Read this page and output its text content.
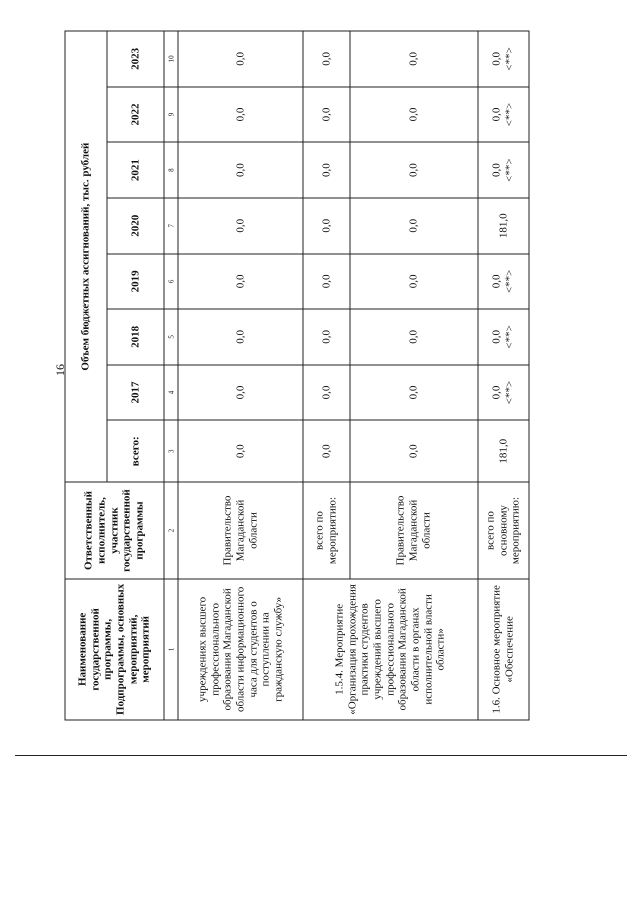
16
Наименование государственной программы, Подпрограммы, основных мероприятий, мероприятий	Ответственный исполнитель, участник государственной программы	Объем бюджетных ассигнований, тыс. рублей							
		всего:	2017	2018	2019	2020	2021	2022	2023
1	2	3	4	5	6	7	8	9	10
учреждениях высшего профессионального образования Магаданской области информационного часа для студентов о поступлении на гражданскую службу»	Правительство Магаданской области	0,0	0,0	0,0	0,0	0,0	0,0	0,0	0,0

1.5.4. Мероприятие «Организация прохождения практики студентов учреждений высшего профессионального образования Магаданской области в органах исполнительной власти области»	всего по мероприятию:	0,0	0,0	0,0	0,0	0,0	0,0	0,0	0,0

	Правительство Магаданской области	0,0	0,0	0,0	0,0	0,0	0,0	0,0	0,0

1.6. Основное мероприятие «Обеспечение	всего по основному мероприятию:	181,0	0,0 <**>	0,0 <**>	0,0 <**>	181,0	0,0 <**>	0,0 <**>	0,0 <**>
